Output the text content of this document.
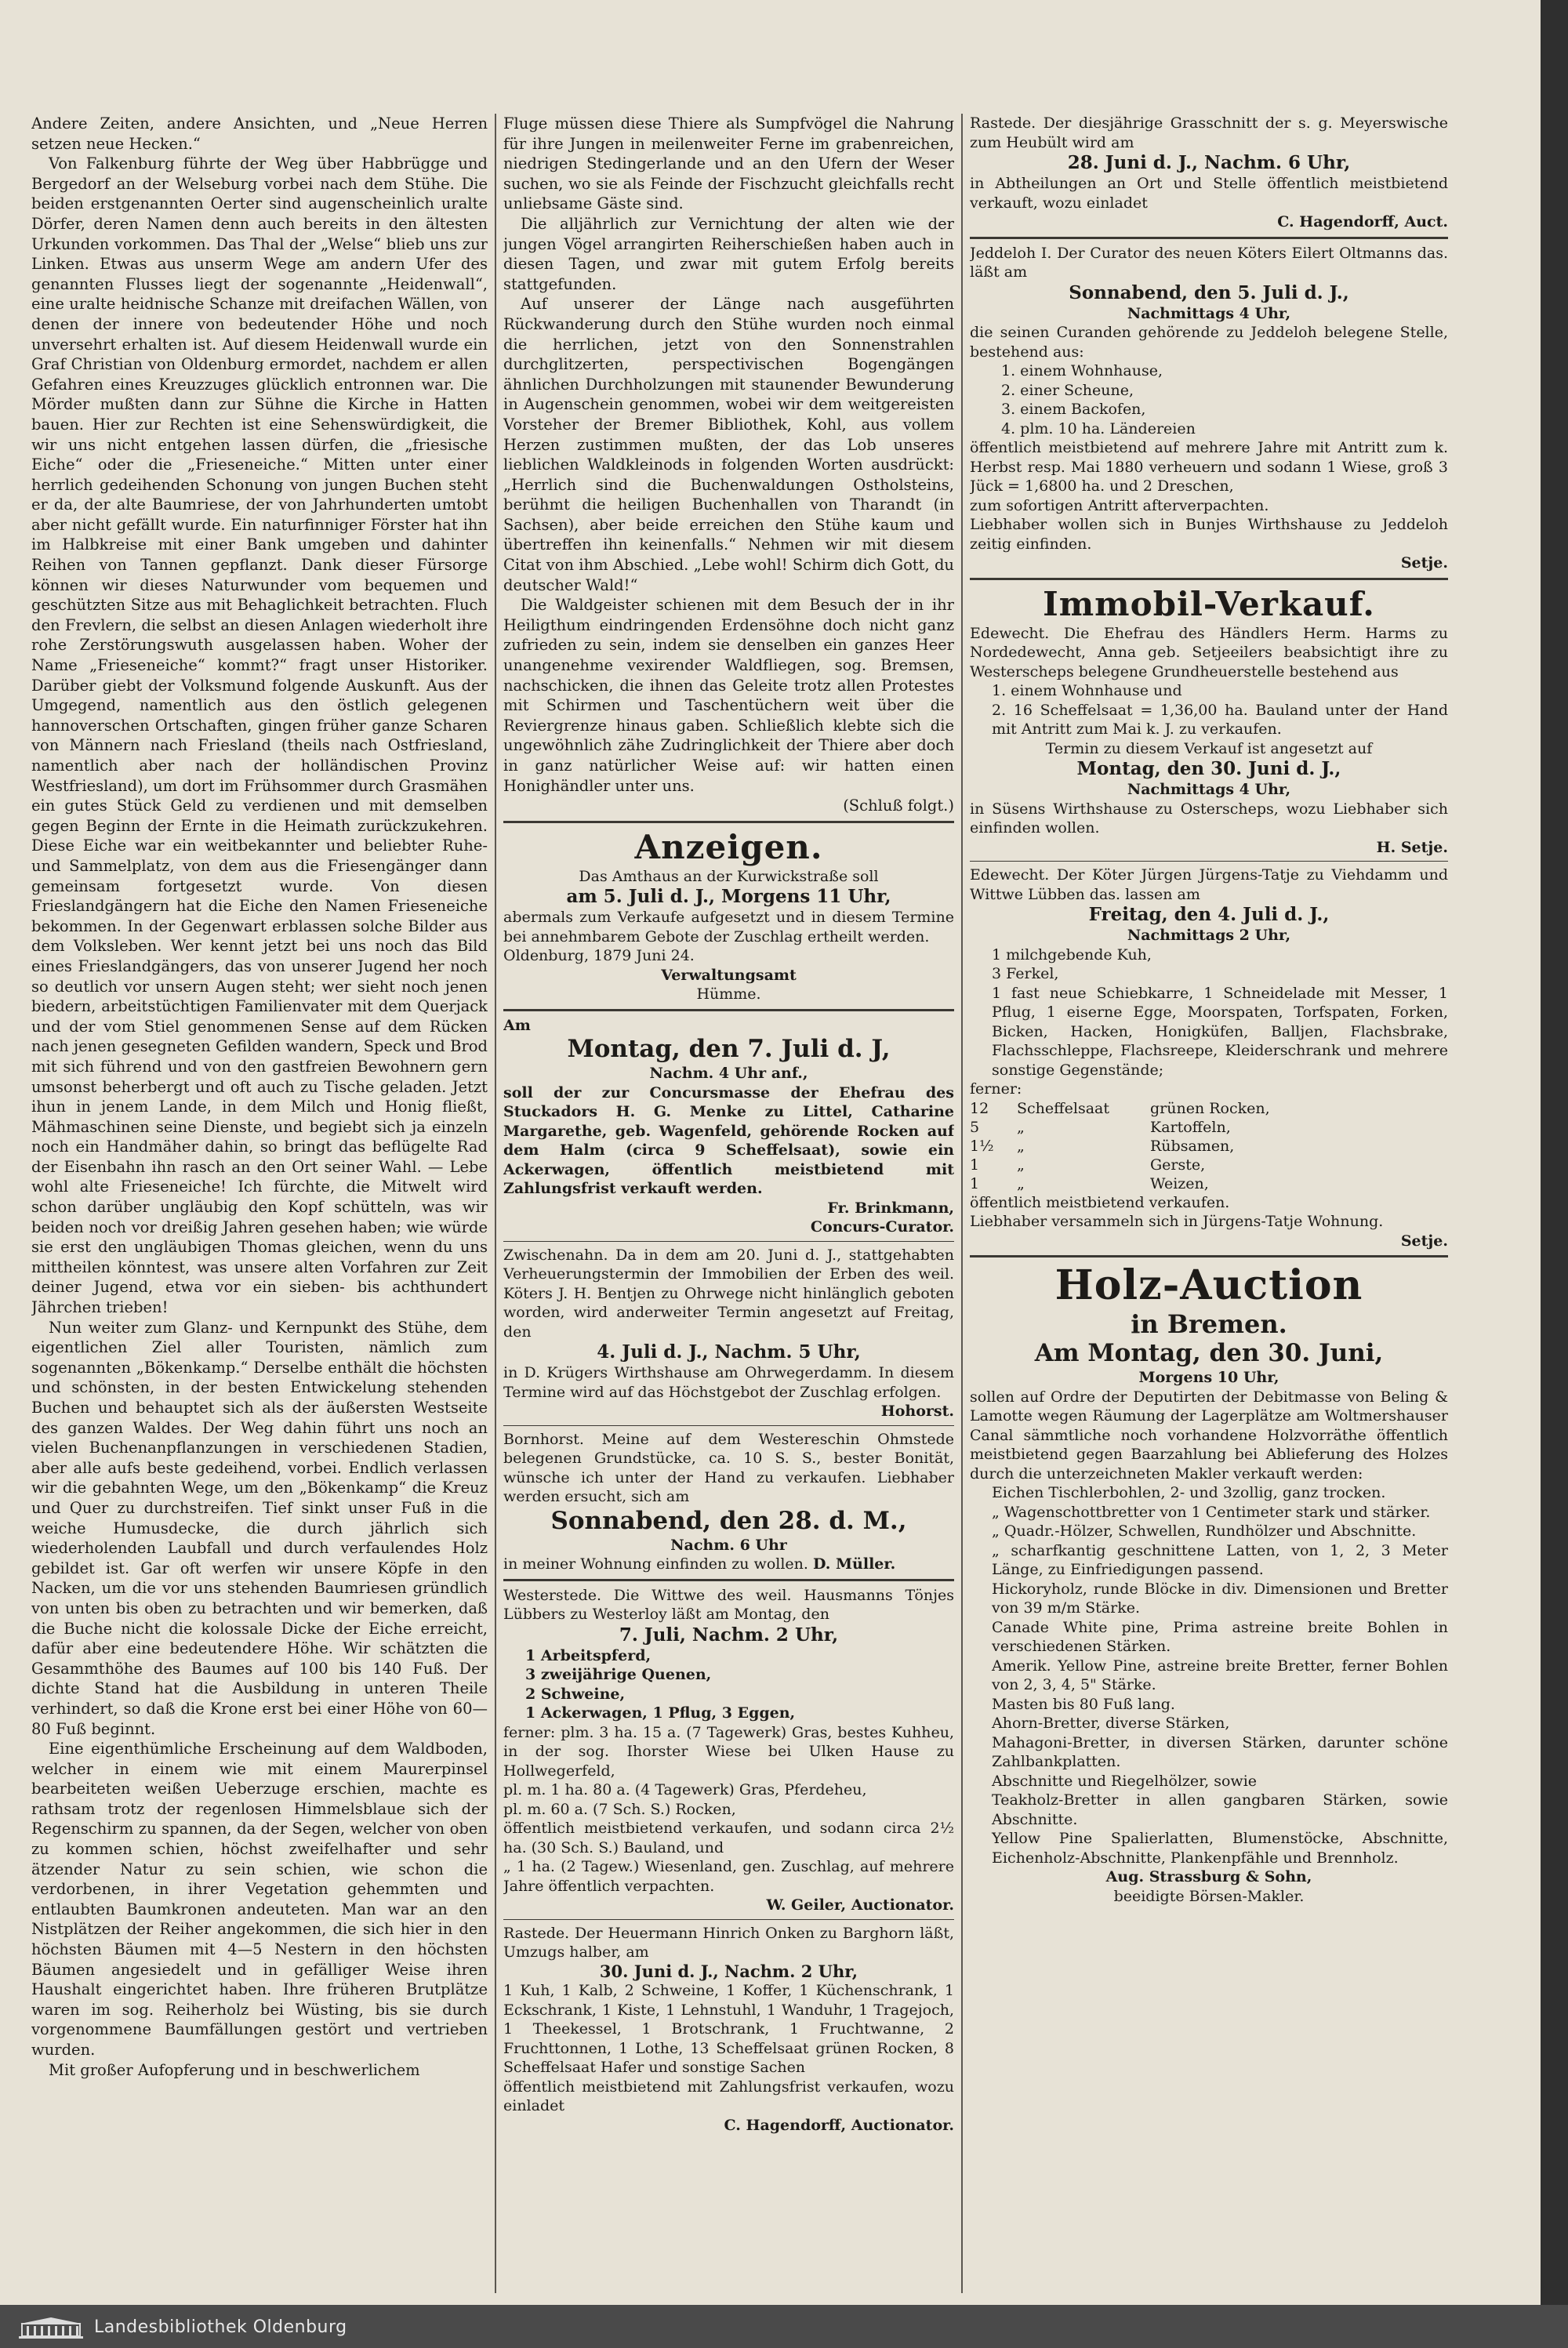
Andere Zeiten, andere Ansichten, und „Neue Herren setzen neue Hecken.“

Von Falkenburg führte der Weg über Habbrügge und Bergedorf an der Welseburg vorbei nach dem Stühe. Die beiden erstgenannten Oerter sind augenscheinlich uralte Dörfer, deren Namen denn auch bereits in den ältesten Urkunden vorkommen. Das Thal der „Welse“ blieb uns zur Linken. Etwas aus unserm Wege am andern Ufer des genannten Flusses liegt der sogenannte „Heidenwall“, eine uralte heidnische Schanze mit dreifachen Wällen, von denen der innere von bedeutender Höhe und noch unversehrt erhalten ist. Auf diesem Heidenwall wurde ein Graf Christian von Oldenburg ermordet, nachdem er allen Gefahren eines Kreuzzuges glücklich entronnen war. Die Mörder mußten dann zur Sühne die Kirche in Hatten bauen. Hier zur Rechten ist eine Sehenswürdigkeit, die wir uns nicht entgehen lassen dürfen, die „friesische Eiche“ oder die „Frieseneiche.“ Mitten unter einer herrlich gedeihenden Schonung von jungen Buchen steht er da, der alte Baumriese, der von Jahrhunderten umtobt aber nicht gefällt wurde. Ein naturfinniger Förster hat ihn im Halbkreise mit einer Bank umgeben und dahinter Reihen von Tannen gepflanzt. Dank dieser Fürsorge können wir dieses Naturwunder vom bequemen und geschützten Sitze aus mit Behaglichkeit betrachten. Fluch den Frevlern, die selbst an diesen Anlagen wiederholt ihre rohe Zerstörungswuth ausgelassen haben. Woher der Name „Frieseneiche“ kommt?“ fragt unser Historiker. Darüber giebt der Volksmund folgende Auskunft. Aus der Umgegend, namentlich aus den östlich gelegenen hannoverschen Ortschaften, gingen früher ganze Scharen von Männern nach Friesland (theils nach Ostfriesland, namentlich aber nach der holländischen Provinz Westfriesland), um dort im Frühsommer durch Grasmähen ein gutes Stück Geld zu verdienen und mit demselben gegen Beginn der Ernte in die Heimath zurückzukehren. Diese Eiche war ein weitbekannter und beliebter Ruhe- und Sammelplatz, von dem aus die Friesengänger dann gemeinsam fortgesetzt wurde. Von diesen Frieslandgängern hat die Eiche den Namen Frieseneiche bekommen. In der Gegenwart erblassen solche Bilder aus dem Volksleben. Wer kennt jetzt bei uns noch das Bild eines Frieslandgängers, das von unserer Jugend her noch so deutlich vor unsern Augen steht; wer sieht noch jenen biedern, arbeitstüchtigen Familienvater mit dem Querjack und der vom Stiel genommenen Sense auf dem Rücken nach jenen gesegneten Gefilden wandern, Speck und Brod mit sich führend und von den gastfreien Bewohnern gern umsonst beherbergt und oft auch zu Tische geladen. Jetzt ihun in jenem Lande, in dem Milch und Honig fließt, Mähmaschinen seine Dienste, und begiebt sich ja einzeln noch ein Handmäher dahin, so bringt das beflügelte Rad der Eisenbahn ihn rasch an den Ort seiner Wahl. — Lebe wohl alte Frieseneiche! Ich fürchte, die Mitwelt wird schon darüber ungläubig den Kopf schütteln, was wir beiden noch vor dreißig Jahren gesehen haben; wie würde sie erst den ungläubigen Thomas gleichen, wenn du uns mittheilen könntest, was unsere alten Vorfahren zur Zeit deiner Jugend, etwa vor ein sieben- bis achthundert Jährchen trieben!

Nun weiter zum Glanz- und Kernpunkt des Stühe, dem eigentlichen Ziel aller Touristen, nämlich zum sogenannten „Bökenkamp.“ Derselbe enthält die höchsten und schönsten, in der besten Entwickelung stehenden Buchen und behauptet sich als der äußersten Westseite des ganzen Waldes. Der Weg dahin führt uns noch an vielen Buchenanpflanzungen in verschiedenen Stadien, aber alle aufs beste gedeihend, vorbei. Endlich verlassen wir die gebahnten Wege, um den „Bökenkamp“ die Kreuz und Quer zu durchstreifen. Tief sinkt unser Fuß in die weiche Humusdecke, die durch jährlich sich wiederholenden Laubfall und durch verfaulendes Holz gebildet ist. Gar oft werfen wir unsere Köpfe in den Nacken, um die vor uns stehenden Baumriesen gründlich von unten bis oben zu betrachten und wir bemerken, daß die Buche nicht die kolossale Dicke der Eiche erreicht, dafür aber eine bedeutendere Höhe. Wir schätzten die Gesammthöhe des Baumes auf 100 bis 140 Fuß. Der dichte Stand hat die Ausbildung in unteren Theile verhindert, so daß die Krone erst bei einer Höhe von 60—80 Fuß beginnt.

Eine eigenthümliche Erscheinung auf dem Waldboden, welcher in einem wie mit einem Maurerpinsel bearbeiteten weißen Ueberzuge erschien, machte es rathsam trotz der regenlosen Himmelsblaue sich der Regenschirm zu spannen, da der Segen, welcher von oben zu kommen schien, höchst zweifelhafter und sehr ätzender Natur zu sein schien, wie schon die verdorbenen, in ihrer Vegetation gehemmten und entlaubten Baumkronen andeuteten. Man war an den Nistplätzen der Reiher angekommen, die sich hier in den höchsten Bäumen mit 4—5 Nestern in den höchsten Bäumen angesiedelt und in gefälliger Weise ihren Haushalt eingerichtet haben. Ihre früheren Brutplätze waren im sog. Reiherholz bei Wüsting, bis sie durch vorgenommene Baumfällungen gestört und vertrieben wurden.

Mit großer Aufopferung und in beschwerlichem

Fluge müssen diese Thiere als Sumpfvögel die Nahrung für ihre Jungen in meilenweiter Ferne im grabenreichen, niedrigen Stedingerlande und an den Ufern der Weser suchen, wo sie als Feinde der Fischzucht gleichfalls recht unliebsame Gäste sind.

Die alljährlich zur Vernichtung der alten wie der jungen Vögel arrangirten Reiherschießen haben auch in diesen Tagen, und zwar mit gutem Erfolg bereits stattgefunden.

Auf unserer der Länge nach ausgeführten Rückwanderung durch den Stühe wurden noch einmal die herrlichen, jetzt von den Sonnenstrahlen durchglitzerten, perspectivischen Bogengängen ähnlichen Durchholzungen mit staunender Bewunderung in Augenschein genommen, wobei wir dem weitgereisten Vorsteher der Bremer Bibliothek, Kohl, aus vollem Herzen zustimmen mußten, der das Lob unseres lieblichen Waldkleinods in folgenden Worten ausdrückt: „Herrlich sind die Buchenwaldungen Ostholsteins, berühmt die heiligen Buchenhallen von Tharandt (in Sachsen), aber beide erreichen den Stühe kaum und übertreffen ihn keinenfalls.“ Nehmen wir mit diesem Citat von ihm Abschied. „Lebe wohl! Schirm dich Gott, du deutscher Wald!“

Die Waldgeister schienen mit dem Besuch der in ihr Heiligthum eindringenden Erdensöhne doch nicht ganz zufrieden zu sein, indem sie denselben ein ganzes Heer unangenehme vexirender Waldfliegen, sog. Bremsen, nachschicken, die ihnen das Geleite trotz allen Protestes mit Schirmen und Taschentüchern weit über die Reviergrenze hinaus gaben. Schließlich klebte sich die ungewöhnlich zähe Zudringlichkeit der Thiere aber doch in ganz natürlicher Weise auf: wir hatten einen Honighändler unter uns.

(Schluß folgt.)

Anzeigen.

Das Amthaus an der Kurwickstraße soll

am 5. Juli d. J., Morgens 11 Uhr,

abermals zum Verkaufe aufgesetzt und in diesem Termine bei annehmbarem Gebote der Zuschlag ertheilt werden.

Oldenburg, 1879 Juni 24.

Verwaltungsamt

Hümme.

Am

Montag, den 7. Juli d. J,

Nachm. 4 Uhr anf.,

soll der zur Concursmasse der Ehefrau des Stuckadors H. G. Menke zu Littel, Catharine Margarethe, geb. Wagenfeld, gehörende Rocken auf dem Halm (circa 9 Scheffelsaat), sowie ein Ackerwagen, öffentlich meistbietend mit Zahlungsfrist verkauft werden.

Fr. Brinkmann,

Concurs-Curator.

Zwischenahn. Da in dem am 20. Juni d. J., stattgehabten Verheuerungstermin der Immobilien der Erben des weil. Köters J. H. Bentjen zu Ohrwege nicht hinlänglich geboten worden, wird anderweiter Termin angesetzt auf Freitag, den

4. Juli d. J., Nachm. 5 Uhr,

in D. Krügers Wirthshause am Ohrwegerdamm. In diesem Termine wird auf das Höchstgebot der Zuschlag erfolgen.

Hohorst.

Bornhorst. Meine auf dem Westereschin Ohmstede belegenen Grundstücke, ca. 10 S. S., bester Bonität, wünsche ich unter der Hand zu verkaufen. Liebhaber werden ersucht, sich am

Sonnabend, den 28. d. M.,

Nachm. 6 Uhr

in meiner Wohnung einfinden zu wollen. D. Müller.

Westerstede. Die Wittwe des weil. Hausmanns Tönjes Lübbers zu Westerloy läßt am Montag, den

7. Juli, Nachm. 2 Uhr,

1 Arbeitspferd,

3 zweijährige Quenen,

2 Schweine,

1 Ackerwagen, 1 Pflug, 3 Eggen,

ferner: plm. 3 ha. 15 a. (7 Tagewerk) Gras, bestes Kuhheu, in der sog. Ihorster Wiese bei Ulken Hause zu Hollwegerfeld,

pl. m. 1 ha. 80 a. (4 Tagewerk) Gras, Pferdeheu,

pl. m. 60 a. (7 Sch. S.) Rocken,

öffentlich meistbietend verkaufen, und sodann circa 2½ ha. (30 Sch. S.) Bauland, und

„ 1 ha. (2 Tagew.) Wiesenland, gen. Zuschlag, auf mehrere Jahre öffentlich verpachten.

W. Geiler, Auctionator.

Rastede. Der Heuermann Hinrich Onken zu Barghorn läßt, Umzugs halber, am

30. Juni d. J., Nachm. 2 Uhr,

1 Kuh, 1 Kalb, 2 Schweine, 1 Koffer, 1 Küchenschrank, 1 Eckschrank, 1 Kiste, 1 Lehnstuhl, 1 Wanduhr, 1 Tragejoch, 1 Theekessel, 1 Brotschrank, 1 Fruchtwanne, 2 Fruchttonnen, 1 Lothe, 13 Scheffelsaat grünen Rocken, 8 Scheffelsaat Hafer und sonstige Sachen

öffentlich meistbietend mit Zahlungsfrist verkaufen, wozu einladet

C. Hagendorff, Auctionator.

Rastede. Der diesjährige Grasschnitt der s. g. Meyerswische zum Heubült wird am

28. Juni d. J., Nachm. 6 Uhr,

in Abtheilungen an Ort und Stelle öffentlich meistbietend verkauft, wozu einladet

C. Hagendorff, Auct.

Jeddeloh I. Der Curator des neuen Köters Eilert Oltmanns das. läßt am

Sonnabend, den 5. Juli d. J.,

Nachmittags 4 Uhr,

die seinen Curanden gehörende zu Jeddeloh belegene Stelle, bestehend aus:

1. einem Wohnhause,

2. einer Scheune,

3. einem Backofen,

4. plm. 10 ha. Ländereien

öffentlich meistbietend auf mehrere Jahre mit Antritt zum k. Herbst resp. Mai 1880 verheuern und sodann 1 Wiese, groß 3 Jück = 1,6800 ha. und 2 Dreschen,

zum sofortigen Antritt afterverpachten.

Liebhaber wollen sich in Bunjes Wirthshause zu Jeddeloh zeitig einfinden.

Setje.

Immobil-Verkauf.

Edewecht. Die Ehefrau des Händlers Herm. Harms zu Nordedewecht, Anna geb. Setjeeilers beabsichtigt ihre zu Westerscheps belegene Grundheuerstelle bestehend aus

1. einem Wohnhause und

2. 16 Scheffelsaat = 1,36,00 ha. Bauland unter der Hand mit Antritt zum Mai k. J. zu verkaufen.

Termin zu diesem Verkauf ist angesetzt auf

Montag, den 30. Juni d. J.,

Nachmittags 4 Uhr,

in Süsens Wirthshause zu Osterscheps, wozu Liebhaber sich einfinden wollen.

H. Setje.

Edewecht. Der Köter Jürgen Jürgens-Tatje zu Viehdamm und Wittwe Lübben das. lassen am

Freitag, den 4. Juli d. J.,

Nachmittags 2 Uhr,

1 milchgebende Kuh,

3 Ferkel,

1 fast neue Schiebkarre, 1 Schneidelade mit Messer, 1 Pflug, 1 eiserne Egge, Moorspaten, Torfspaten, Forken, Bicken, Hacken, Honigküfen, Balljen, Flachsbrake, Flachsschleppe, Flachsreepe, Kleiderschrank und mehrere sonstige Gegenstände;

ferner:

12	Scheffelsaat	grünen Rocken,
5	„	Kartoffeln,
1½	„	Rübsamen,
1	„	Gerste,
1	„	Weizen,

öffentlich meistbietend verkaufen.

Liebhaber versammeln sich in Jürgens-Tatje Wohnung.

Setje.

Holz-Auction
in Bremen.

Am Montag, den 30. Juni,

Morgens 10 Uhr,

sollen auf Ordre der Deputirten der Debitmasse von Beling & Lamotte wegen Räumung der Lagerplätze am Woltmershauser Canal sämmtliche noch vorhandene Holzvorräthe öffentlich meistbietend gegen Baarzahlung bei Ablieferung des Holzes durch die unterzeichneten Makler verkauft werden:

Eichen Tischlerbohlen, 2- und 3zollig, ganz trocken.

„ Wagenschottbretter von 1 Centimeter stark und stärker.

„ Quadr.-Hölzer, Schwellen, Rundhölzer und Abschnitte.

„ scharfkantig geschnittene Latten, von 1, 2, 3 Meter Länge, zu Einfriedigungen passend.

Hickoryholz, runde Blöcke in div. Dimensionen und Bretter von 39 m/m Stärke.

Canade White pine, Prima astreine breite Bohlen in verschiedenen Stärken.

Amerik. Yellow Pine, astreine breite Bretter, ferner Bohlen von 2, 3, 4, 5" Stärke.

Masten bis 80 Fuß lang.

Ahorn-Bretter, diverse Stärken,

Mahagoni-Bretter, in diversen Stärken, darunter schöne Zahlbankplatten.

Abschnitte und Riegelhölzer, sowie

Teakholz-Bretter in allen gangbaren Stärken, sowie Abschnitte.

Yellow Pine Spalierlatten, Blumenstöcke, Abschnitte, Eichenholz-Abschnitte, Plankenpfähle und Brennholz.

Aug. Strassburg & Sohn,

beeidigte Börsen-Makler.

Landesbibliothek Oldenburg
